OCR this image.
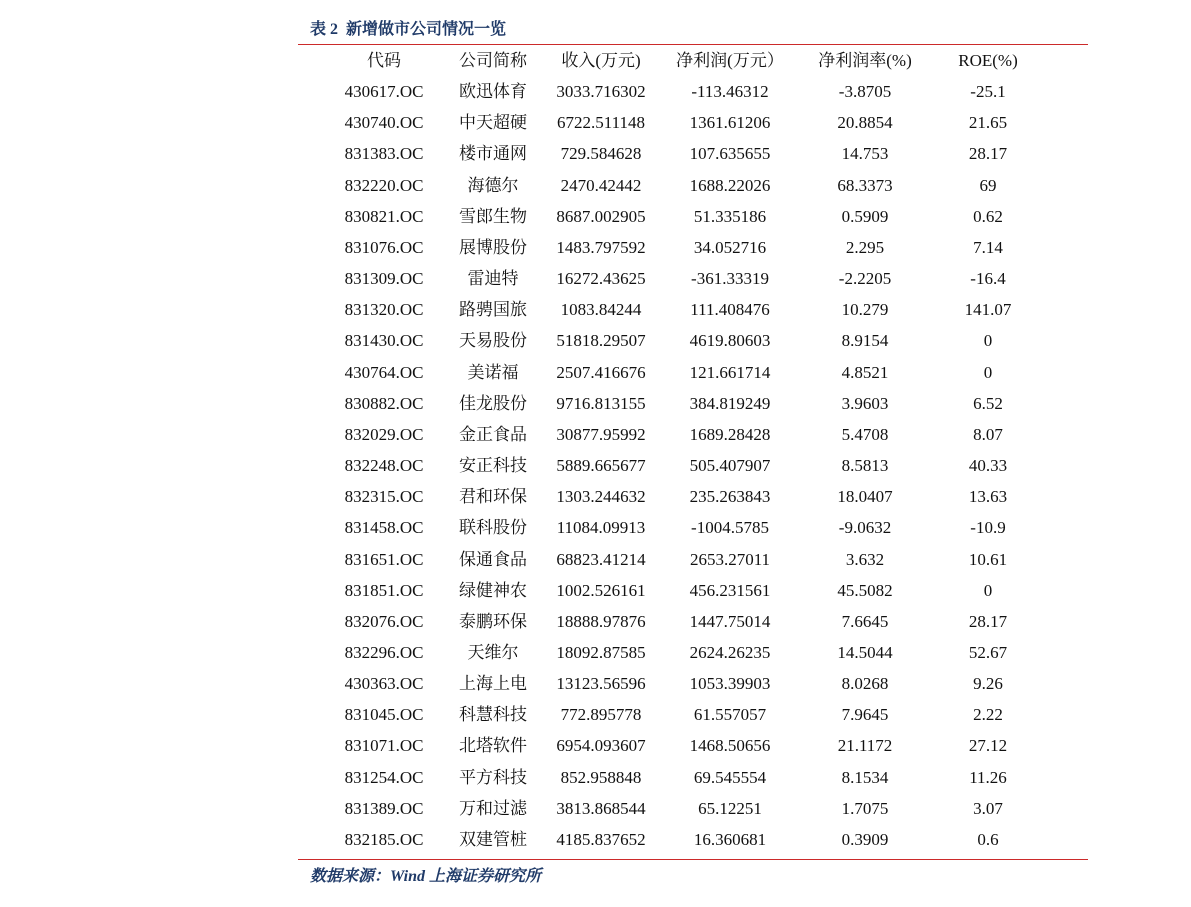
表 2  新增做市公司情况一览
代码	公司简称	收入(万元)	净利润(万元）	净利润率(%)	ROE(%)
430617.OC	欧迅体育	3033.716302	-113.46312	-3.8705	-25.1
430740.OC	中天超硬	6722.511148	1361.61206	20.8854	21.65
831383.OC	楼市通网	729.584628	107.635655	14.753	28.17
832220.OC	海德尔	2470.42442	1688.22026	68.3373	69
830821.OC	雪郎生物	8687.002905	51.335186	0.5909	0.62
831076.OC	展博股份	1483.797592	34.052716	2.295	7.14
831309.OC	雷迪特	16272.43625	-361.33319	-2.2205	-16.4
831320.OC	路骋国旅	1083.84244	111.408476	10.279	141.07
831430.OC	天易股份	51818.29507	4619.80603	8.9154	0
430764.OC	美诺福	2507.416676	121.661714	4.8521	0
830882.OC	佳龙股份	9716.813155	384.819249	3.9603	6.52
832029.OC	金正食品	30877.95992	1689.28428	5.4708	8.07
832248.OC	安正科技	5889.665677	505.407907	8.5813	40.33
832315.OC	君和环保	1303.244632	235.263843	18.0407	13.63
831458.OC	联科股份	11084.09913	-1004.5785	-9.0632	-10.9
831651.OC	保通食品	68823.41214	2653.27011	3.632	10.61
831851.OC	绿健神农	1002.526161	456.231561	45.5082	0
832076.OC	泰鹏环保	18888.97876	1447.75014	7.6645	28.17
832296.OC	天维尔	18092.87585	2624.26235	14.5044	52.67
430363.OC	上海上电	13123.56596	1053.39903	8.0268	9.26
831045.OC	科慧科技	772.895778	61.557057	7.9645	2.22
831071.OC	北塔软件	6954.093607	1468.50656	21.1172	27.12
831254.OC	平方科技	852.958848	69.545554	8.1534	11.26
831389.OC	万和过滤	3813.868544	65.12251	1.7075	3.07
832185.OC	双建管桩	4185.837652	16.360681	0.3909	0.6
数据来源：Wind 上海证券研究所
